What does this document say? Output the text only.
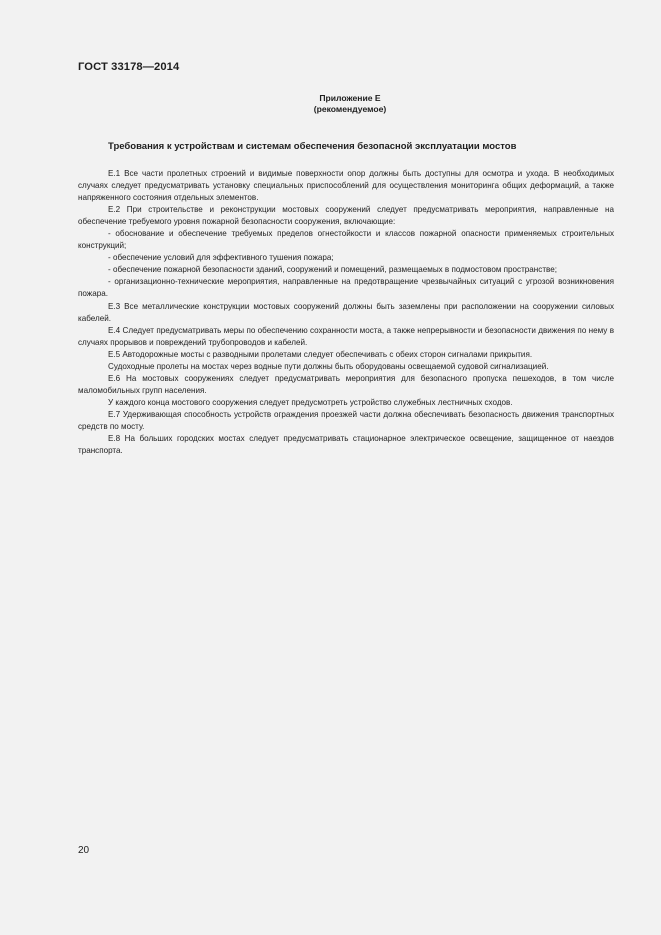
ГОСТ 33178—2014
Приложение Е
(рекомендуемое)
Требования к устройствам и системам обеспечения безопасной эксплуатации мостов

Е.1 Все части пролетных строений и видимые поверхности опор должны быть доступны для осмотра и ухода. В необходимых случаях следует предусматривать установку специальных приспособлений для осуществления мониторинга общих деформаций, а также напряженного состояния отдельных элементов.

Е.2 При строительстве и реконструкции мостовых сооружений следует предусматривать мероприятия, направленные на обеспечение требуемого уровня пожарной безопасности сооружения, включающие:

- обоснование и обеспечение требуемых пределов огнестойкости и классов пожарной опасности применяемых строительных конструкций;

- обеспечение условий для эффективного тушения пожара;

- обеспечение пожарной безопасности зданий, сооружений и помещений, размещаемых в подмостовом пространстве;

- организационно-технические мероприятия, направленные на предотвращение чрезвычайных ситуаций с угрозой возникновения пожара.

Е.3 Все металлические конструкции мостовых сооружений должны быть заземлены при расположении на сооружении силовых кабелей.

Е.4 Следует предусматривать меры по обеспечению сохранности моста, а также непрерывности и безопасности движения по нему в случаях прорывов и повреждений трубопроводов и кабелей.

Е.5 Автодорожные мосты с разводными пролетами следует обеспечивать с обеих сторон сигналами прикрытия.

Судоходные пролеты на мостах через водные пути должны быть оборудованы освещаемой судовой сигнализацией.

Е.6 На мостовых сооружениях следует предусматривать мероприятия для безопасного пропуска пешеходов, в том числе маломобильных групп населения.

У каждого конца мостового сооружения следует предусмотреть устройство служебных лестничных сходов.

Е.7 Удерживающая способность устройств ограждения проезжей части должна обеспечивать безопасность движения транспортных средств по мосту.

Е.8 На больших городских мостах следует предусматривать стационарное электрическое освещение, защищенное от наездов транспорта.

20
